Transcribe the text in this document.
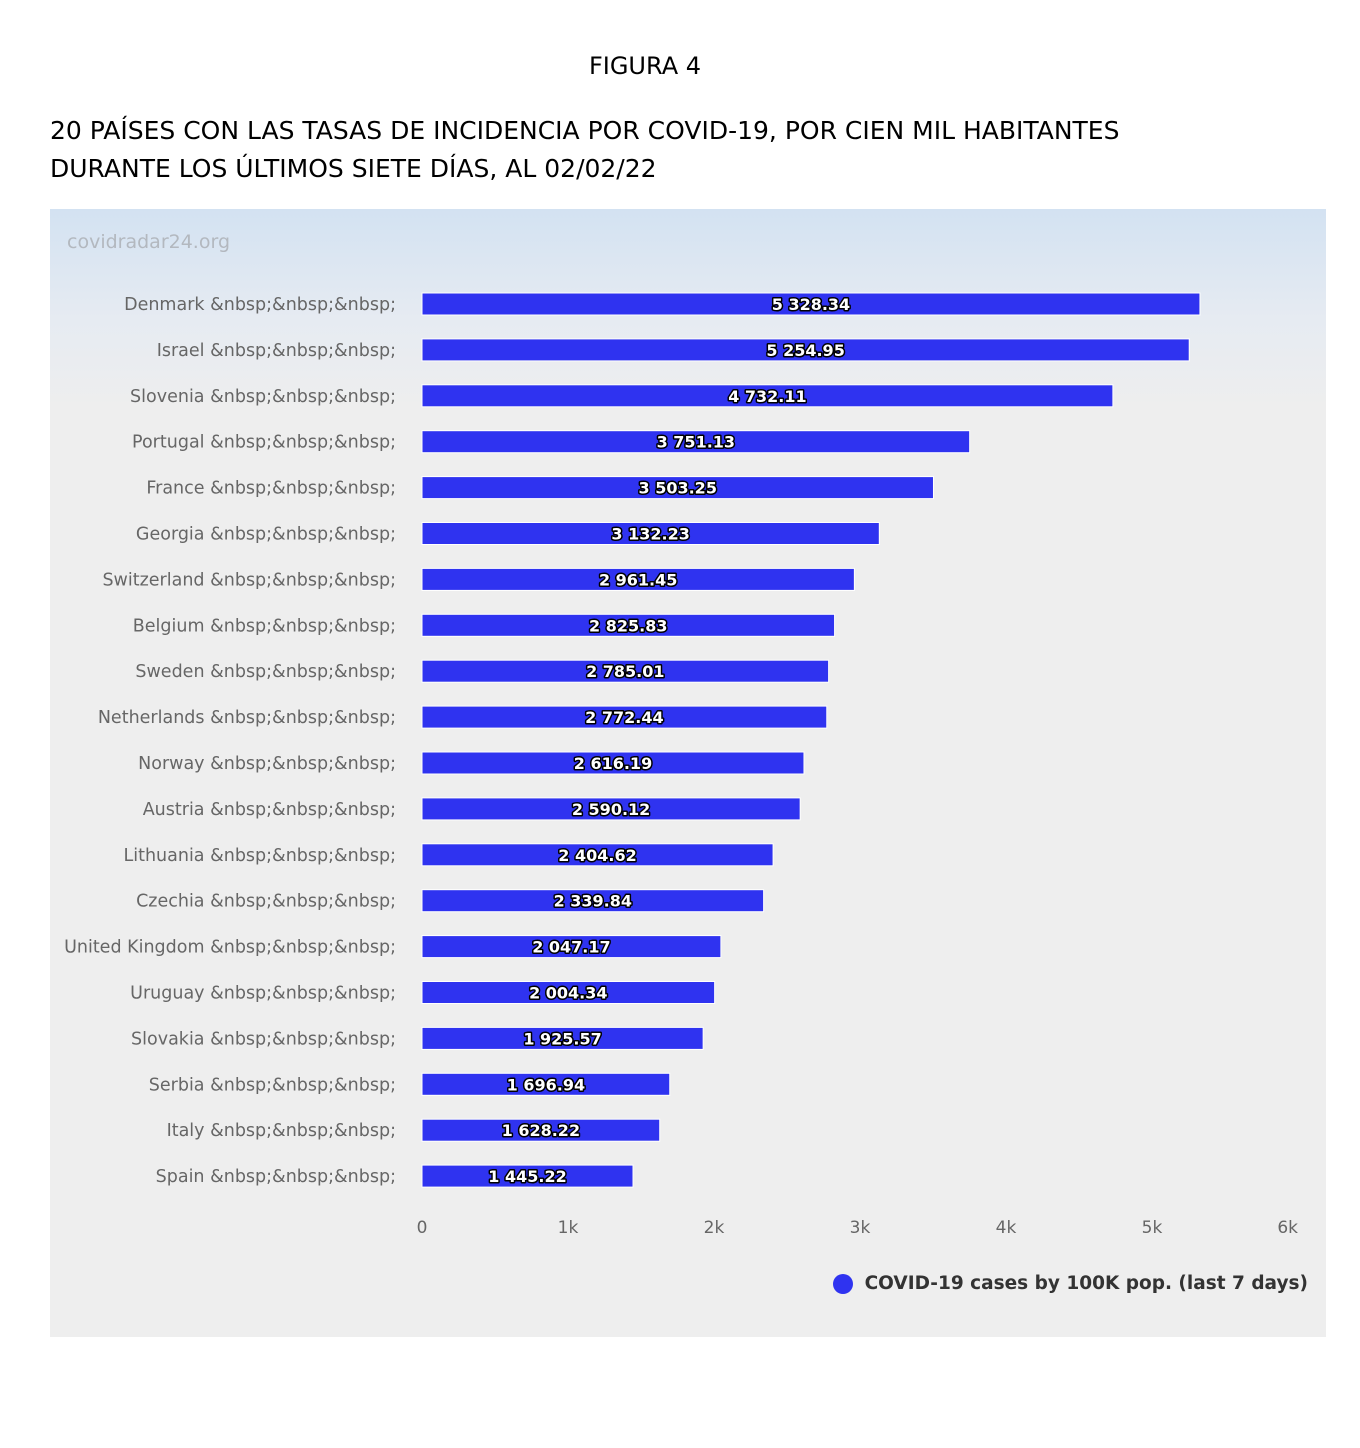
FIGURA 4
20 PAÍSES CON LAS TASAS DE INCIDENCIA POR COVID-19, POR CIEN MIL HABITANTES
DURANTE LOS ÚLTIMOS SIETE DÍAS, AL 02/02/22
covidradar24.org
Denmark &nbsp;&nbsp;&nbsp;
Israel &nbsp;&nbsp;&nbsp;
Slovenia &nbsp;&nbsp;&nbsp;
Portugal &nbsp;&nbsp;&nbsp;
France &nbsp;&nbsp;&nbsp;
Georgia &nbsp;&nbsp;&nbsp;
Switzerland &nbsp;&nbsp;&nbsp;
Belgium &nbsp;&nbsp;&nbsp;
Sweden &nbsp;&nbsp;&nbsp;
Netherlands &nbsp;&nbsp;&nbsp;
Norway &nbsp;&nbsp;&nbsp;
Austria &nbsp;&nbsp;&nbsp;
Lithuania &nbsp;&nbsp;&nbsp;
Czechia &nbsp;&nbsp;&nbsp;
United Kingdom &nbsp;&nbsp;&nbsp;
Uruguay &nbsp;&nbsp;&nbsp;
Slovakia &nbsp;&nbsp;&nbsp;
Serbia &nbsp;&nbsp;&nbsp;
Italy &nbsp;&nbsp;&nbsp;
Spain &nbsp;&nbsp;&nbsp;
5 328.34
5 254.95
4 732.11
3 751.13
3 503.25
3 132.23
2 961.45
2 825.83
2 785.01
2 772.44
2 616.19
2 590.12
2 404.62
2 339.84
2 047.17
2 004.34
1 925.57
1 696.94
1 628.22
1 445.22
0	1k	2k	3k	4k	5k	6k
COVID-19 cases by 100K pop. (last 7 days)
